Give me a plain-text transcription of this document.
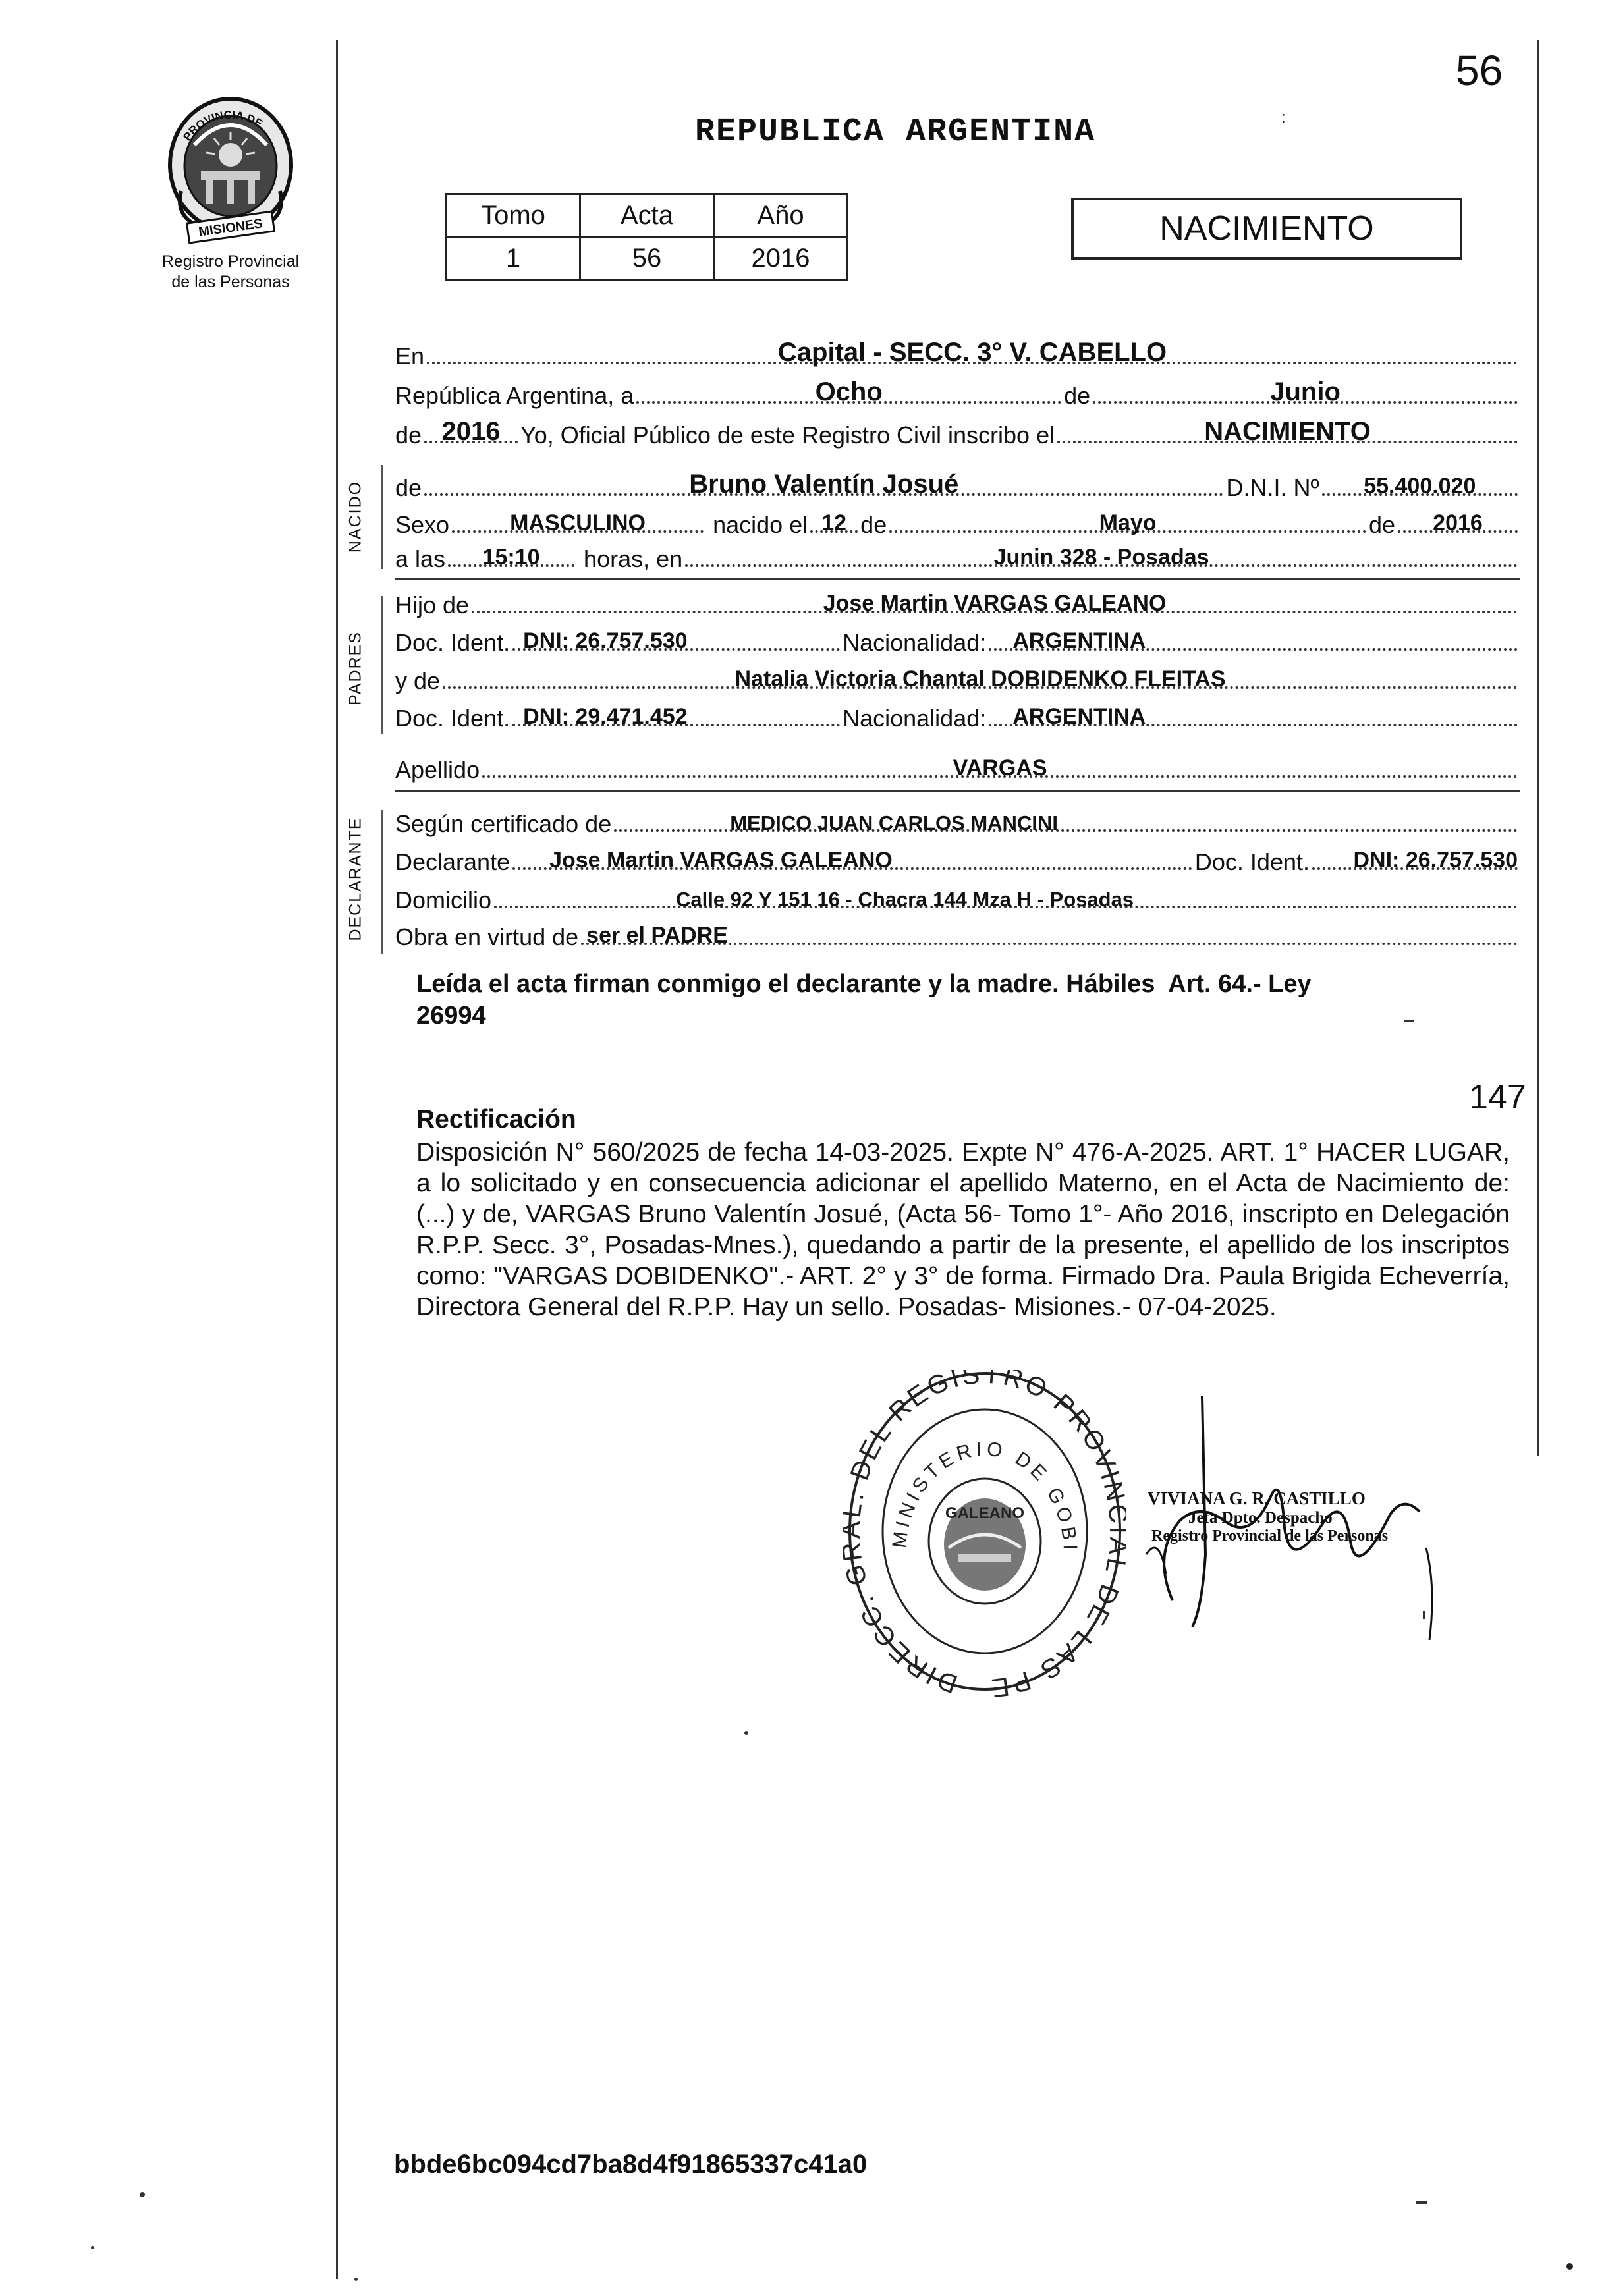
56
PROVINCIA DE
MISIONES
Registro Provincial
de las Personas
REPUBLICA ARGENTINA	:
Tomo	Acta	Año
1	56	2016
NACIMIENTO
En	Capital - SECC. 3° V. CABELLO
República Argentina, a	Ocho	de	Junio
de 2016 Yo, Oficial Público de este Registro Civil inscribo el	NACIMIENTO
NACIDO de	Bruno Valentín Josué	D.N.I. Nº	55.400.020
Sexo	MASCULINO	nacido el 12 de	Mayo	de	2016
a las	15:10	horas, en	Junin 328 - Posadas
PADRES
Hijo de	Jose Martin VARGAS GALEANO
Doc. Ident. DNI: 26.757.530	Nacionalidad: ARGENTINA
y de	Natalia Victoria Chantal DOBIDENKO FLEITAS
Doc. Ident. DNI: 29.471.452	Nacionalidad: ARGENTINA
Apellido	VARGAS
DECLARANTE Según certificado de	MEDICO JUAN CARLOS MANCINI
Declarante Jose Martin VARGAS GALEANO	Doc. Ident.	DNI: 26.757.530
Domicilio	Calle 92 Y 151 16 - Chacra 144 Mza H - Posadas
Obra en virtud de ser el PADRE
Leída el acta firman conmigo el declarante y la madre. Hábiles  Art. 64.- Ley
26994
147
Rectificación
Disposición N° 560/2025 de fecha 14-03-2025. Expte N° 476-A-2025. ART. 1° HACER LUGAR, a lo solicitado y en consecuencia adicionar el apellido Materno, en el Acta de Nacimiento de: (...) y de, VARGAS Bruno Valentín Josué, (Acta 56- Tomo 1°- Año 2016, inscripto en Delegación R.P.P. Secc. 3°, Posadas-Mnes.), quedando a partir de la presente, el apellido de los inscriptos como: "VARGAS DOBIDENKO".- ART. 2° y 3° de forma. Firmado Dra. Paula Brigida Echeverría, Directora General del R.P.P. Hay un sello. Posadas- Misiones.- 07-04-2025.
DIRECC. DEL REGISTRO PROVI DE LAS PE
MINISTERIO DE GOBI
GALEANO
VIVIANA G. R. CASTILLO
Jefa Dpto. Despacho
Registro Provincial de las Personas
bbde6bc094cd7ba8d4f91865337c41a0
